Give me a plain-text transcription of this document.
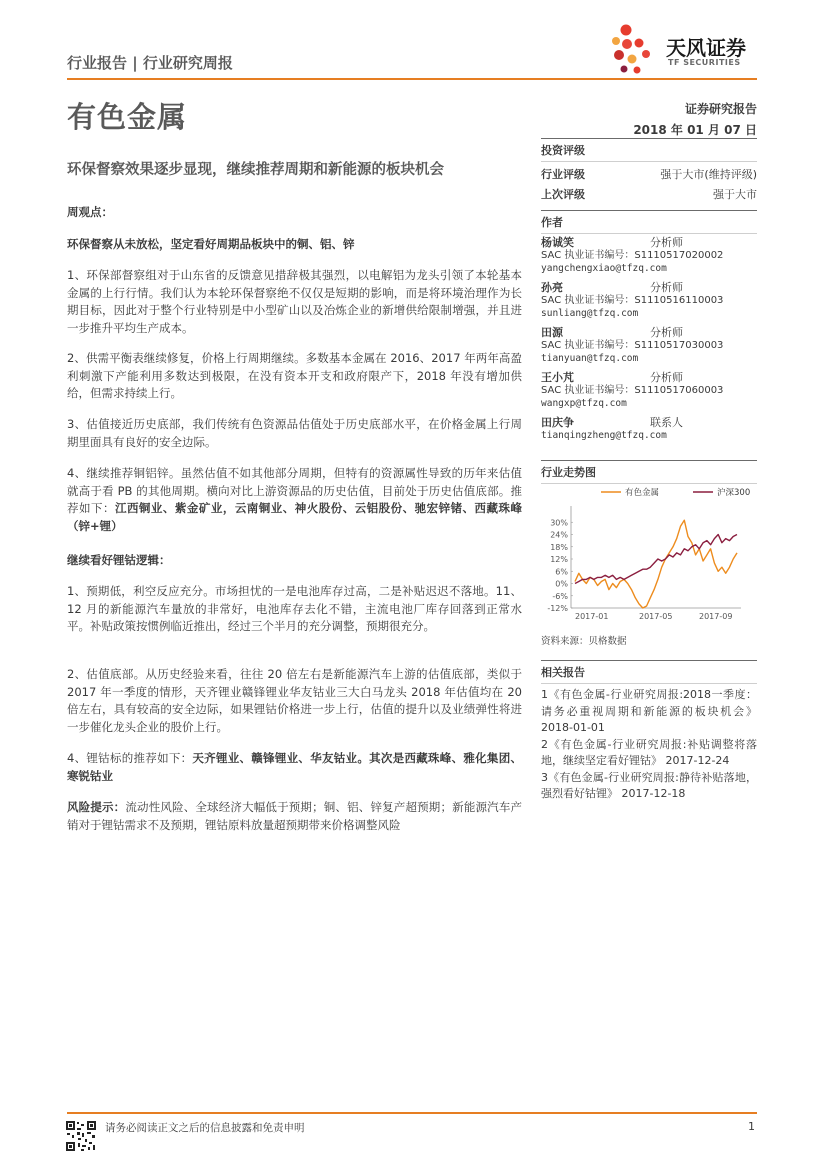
天风证券
TF SECURITIES
行业报告 | 行业研究周报
有色金属	证券研究报告
2018 年 01 月 07 日
环保督察效果逐步显现，继续推荐周期和新能源的板块机会
周观点：
环保督察从未放松，坚定看好周期品板块中的铜、铝、锌

1、环保部督察组对于山东省的反馈意见措辞极其强烈，以电解铝为龙头引领了本轮基本金属的上行行情。我们认为本轮环保督察绝不仅仅是短期的影响，而是将环境治理作为长期目标，因此对于整个行业特别是中小型矿山以及冶炼企业的新增供给限制增强，并且进一步推升平均生产成本。

2、供需平衡表继续修复，价格上行周期继续。多数基本金属在 2016、2017 年两年高盈利刺激下产能利用多数达到极限，在没有资本开支和政府限产下，2018 年没有增加供给，但需求持续上行。

3、估值接近历史底部，我们传统有色资源品估值处于历史底部水平，在价格金属上行周期里面具有良好的安全边际。

4、继续推荐铜铝锌。虽然估值不如其他部分周期，但特有的资源属性导致的历年来估值就高于看 PB 的其他周期。横向对比上游资源品的历史估值，目前处于历史估值底部。推荐如下：江西铜业、紫金矿业，云南铜业、神火股份、云铝股份、驰宏锌锗、西藏珠峰（锌+锂）

继续看好锂钴逻辑：

1、预期低，利空反应充分。市场担忧的一是电池库存过高，二是补贴迟迟不落地。11、12 月的新能源汽车量放的非常好，电池库存去化不错，主流电池厂库存回落到正常水平。补贴政策按惯例临近推出，经过三个半月的充分调整，预期很充分。

2、估值底部。从历史经验来看，往往 20 倍左右是新能源汽车上游的估值底部，类似于 2017 年一季度的情形，天齐锂业赣锋锂业华友钴业三大白马龙头 2018 年估值均在 20 倍左右，具有较高的安全边际，如果锂钴价格进一步上行，估值的提升以及业绩弹性将进一步催化龙头企业的股价上行。

4、锂钴标的推荐如下：天齐锂业、赣锋锂业、华友钴业。其次是西藏珠峰、雅化集团、寒锐钴业

风险提示：流动性风险、全球经济大幅低于预期；铜、铝、锌复产超预期；新能源汽车产销对于锂钴需求不及预期，锂钴原料放量超预期带来价格调整风险

投资评级
行业评级	强于大市(维持评级)
上次评级	强于大市
作者
杨诚笑	分析师
SAC 执业证书编号：S1110517020002
yangchengxiao@tfzq.com
孙亮	分析师
SAC 执业证书编号：S1110516110003
sunliang@tfzq.com
田源	分析师
SAC 执业证书编号：S1110517030003
tianyuan@tfzq.com
王小芃	分析师
SAC 执业证书编号：S1110517060003
wangxp@tfzq.com
田庆争	联系人
tianqingzheng@tfzq.com
行业走势图
有色金属	沪深300
-12%
-6%
0%
6%
12%
18%
24%
30%
2017-01	2017-05	2017-09
资料来源：贝格数据
相关报告

1《有色金属-行业研究周报:2018一季度：请务必重视周期和新能源的板块机会》 2018-01-01

2《有色金属-行业研究周报:补贴调整将落地，继续坚定看好锂钴》 2017-12-24

3《有色金属-行业研究周报:静待补贴落地，强烈看好钴锂》 2017-12-18

请务必阅读正文之后的信息披露和免责申明	1
